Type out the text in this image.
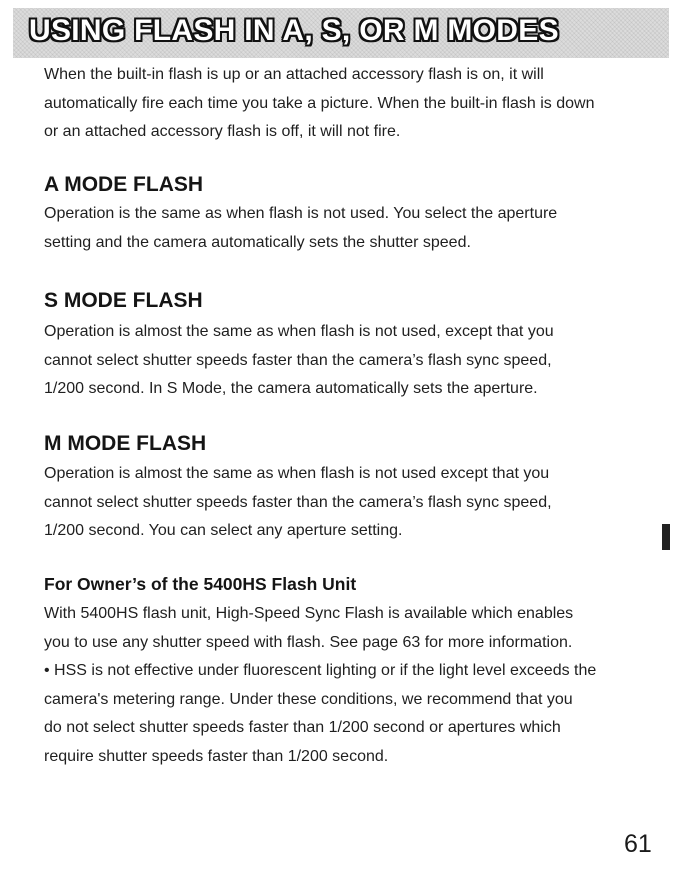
USING FLASH IN A, S, OR M MODES

When the built-in flash is up or an attached accessory flash is on, it will
automatically fire each time you take a picture. When the built-in flash is down
or an attached accessory flash is off, it will not fire.

A MODE FLASH

Operation is the same as when flash is not used. You select the aperture
setting and the camera automatically sets the shutter speed.

S MODE FLASH

Operation is almost the same as when flash is not used, except that you
cannot select shutter speeds faster than the camera’s flash sync speed,
1/200 second. In S Mode, the camera automatically sets the aperture.

M MODE FLASH

Operation is almost the same as when flash is not used except that you
cannot select shutter speeds faster than the camera’s flash sync speed,
1/200 second. You can select any aperture setting.

For Owner’s of the 5400HS Flash Unit

With 5400HS flash unit, High-Speed Sync Flash is available which enables
you to use any shutter speed with flash. See page 63 for more information.
• HSS is not effective under fluorescent lighting or if the light level exceeds the
camera's metering range. Under these conditions, we recommend that you
do not select shutter speeds faster than 1/200 second or apertures which
require shutter speeds faster than 1/200 second.

61
